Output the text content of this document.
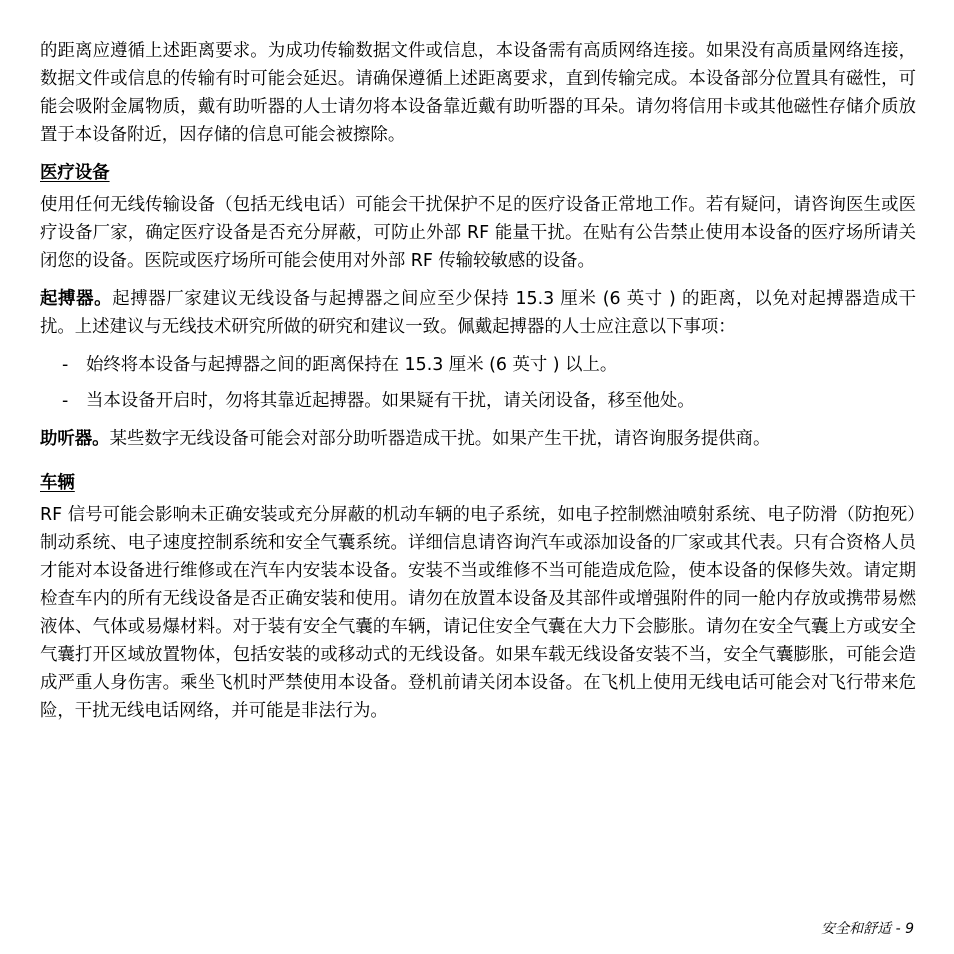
的距离应遵循上述距离要求。为成功传输数据文件或信息，本设备需有高质网络连接。如果没有高质量网络连接，数据文件或信息的传输有时可能会延迟。请确保遵循上述距离要求，直到传输完成。本设备部分位置具有磁性，可能会吸附金属物质，戴有助听器的人士请勿将本设备靠近戴有助听器的耳朵。请勿将信用卡或其他磁性存储介质放置于本设备附近，因存储的信息可能会被擦除。

医疗设备

使用任何无线传输设备（包括无线电话）可能会干扰保护不足的医疗设备正常地工作。若有疑问，请咨询医生或医疗设备厂家，确定医疗设备是否充分屏蔽，可防止外部 RF 能量干扰。在贴有公告禁止使用本设备的医疗场所请关闭您的设备。医院或医疗场所可能会使用对外部 RF 传输较敏感的设备。

起搏器。起搏器厂家建议无线设备与起搏器之间应至少保持 15.3 厘米 (6 英寸 ) 的距离，以免对起搏器造成干扰。上述建议与无线技术研究所做的研究和建议一致。佩戴起搏器的人士应注意以下事项：

-	始终将本设备与起搏器之间的距离保持在 15.3 厘米 (6 英寸 ) 以上。
-	当本设备开启时，勿将其靠近起搏器。如果疑有干扰，请关闭设备，移至他处。

助听器。某些数字无线设备可能会对部分助听器造成干扰。如果产生干扰，请咨询服务提供商。

车辆

RF 信号可能会影响未正确安装或充分屏蔽的机动车辆的电子系统，如电子控制燃油喷射系统、电子防滑（防抱死）制动系统、电子速度控制系统和安全气囊系统。详细信息请咨询汽车或添加设备的厂家或其代表。只有合资格人员才能对本设备进行维修或在汽车内安装本设备。安装不当或维修不当可能造成危险，使本设备的保修失效。请定期检查车内的所有无线设备是否正确安装和使用。请勿在放置本设备及其部件或增强附件的同一舱内存放或携带易燃液体、气体或易爆材料。对于装有安全气囊的车辆，请记住安全气囊在大力下会膨胀。请勿在安全气囊上方或安全气囊打开区域放置物体，包括安装的或移动式的无线设备。如果车载无线设备安装不当，安全气囊膨胀，可能会造成严重人身伤害。乘坐飞机时严禁使用本设备。登机前请关闭本设备。在飞机上使用无线电话可能会对飞行带来危险，干扰无线电话网络，并可能是非法行为。

安全和舒适 - 9
